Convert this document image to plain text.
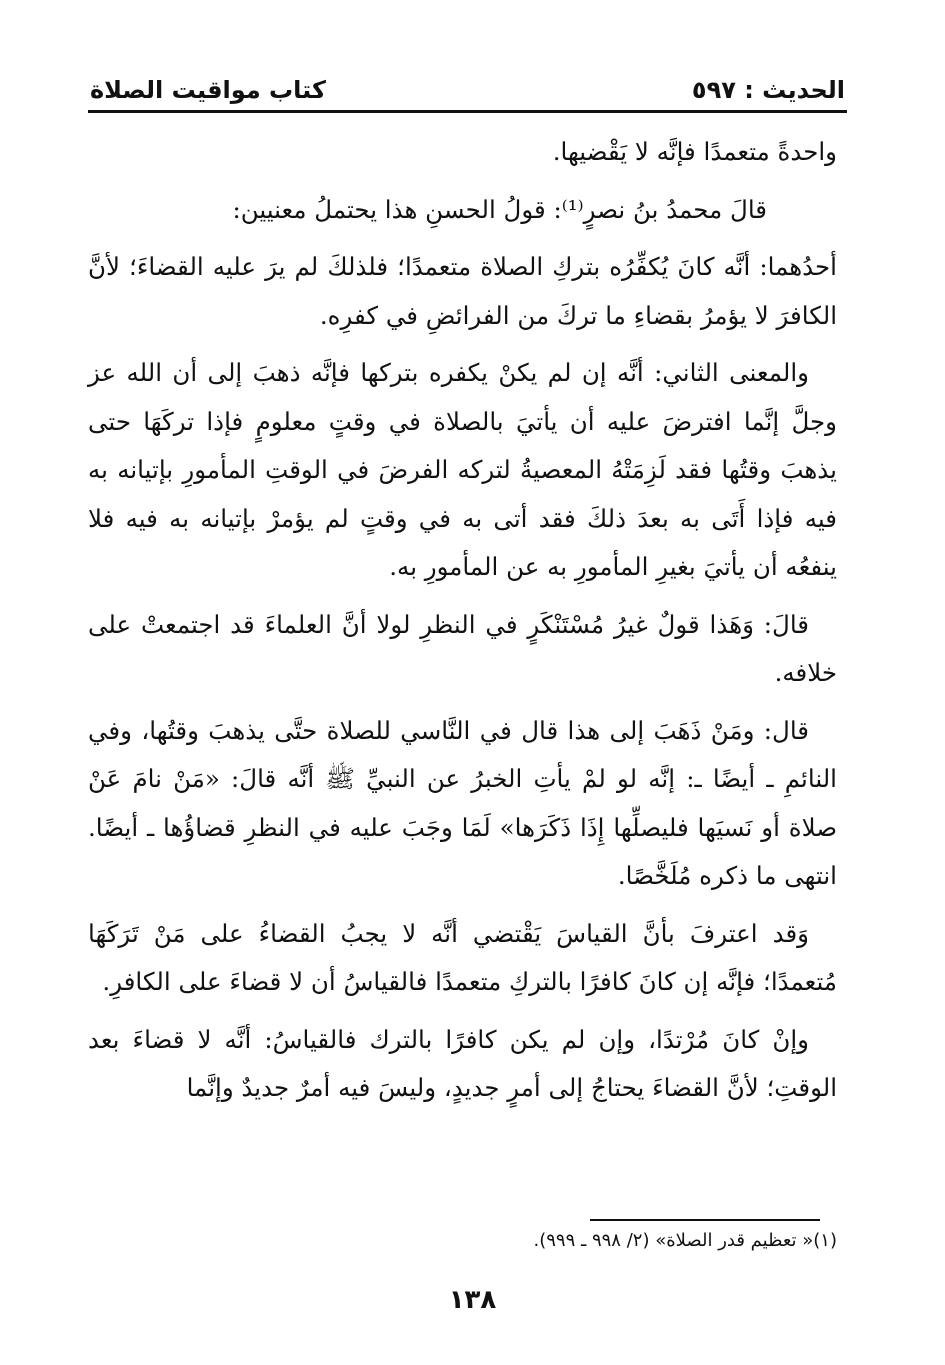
الحديث : ٥٩٧
كتاب مواقيت الصلاة

واحدةً متعمدًا فإنَّه لا يَقْضيها.

قالَ محمدُ بنُ نصرٍ⁽¹⁾: قولُ الحسنِ هذا يحتملُ معنيين:

أحدُهما: أنَّه كانَ يُكفِّرُه بتركِ الصلاة متعمدًا؛ فلذلكَ لم يرَ عليه القضاءَ؛ لأنَّ الكافرَ لا يؤمرُ بقضاءِ ما تركَ من الفرائضِ في كفرِه.

والمعنى الثاني: أنَّه إن لم يكنْ يكفره بتركها فإنَّه ذهبَ إلى أن الله عز وجلَّ إنَّما افترضَ عليه أن يأتيَ بالصلاة في وقتٍ معلومٍ فإذا تركَهَا حتى يذهبَ وقتُها فقد لَزِمَتْهُ المعصيةُ لتركه الفرضَ في الوقتِ المأمورِ بإتيانه به فيه فإذا أَتَى به بعدَ ذلكَ فقد أتى به في وقتٍ لم يؤمرْ بإتيانه به فيه فلا ينفعُه أن يأتيَ بغيرِ المأمورِ به عن المأمورِ به.

قالَ: وَهَذا قولٌ غيرُ مُسْتَنْكَرٍ في النظرِ لولا أنَّ العلماءَ قد اجتمعتْ على خلافه.

قال: ومَنْ ذَهَبَ إلى هذا قال في النَّاسي للصلاة حتَّى يذهبَ وقتُها، وفي النائمِ ـ أيضًا ـ: إنَّه لو لمْ يأتِ الخبرُ عن النبيِّ ﷺ أنَّه قالَ: «مَنْ نامَ عَنْ صلاة أو نَسيَها فليصلِّها إِذَا ذَكَرَها» لَمَا وجَبَ عليه في النظرِ قضاؤُها ـ أيضًا. انتهى ما ذكره مُلَخَّصًا.

وَقد اعترفَ بأنَّ القياسَ يَقْتضي أنَّه لا يجبُ القضاءُ على مَنْ تَرَكَهَا مُتعمدًا؛ فإنَّه إن كانَ كافرًا بالتركِ متعمدًا فالقياسُ أن لا قضاءَ على الكافرِ.

وإنْ كانَ مُرْتدًا، وإن لم يكن كافرًا بالترك فالقياسُ: أنَّه لا قضاءَ بعد الوقتِ؛ لأنَّ القضاءَ يحتاجُ إلى أمرٍ جديدٍ، وليسَ فيه أمرٌ جديدٌ وإنَّما

(١)« تعظيم قدر الصلاة» (٢/ ٩٩٨ ـ ٩٩٩).
١٣٨
